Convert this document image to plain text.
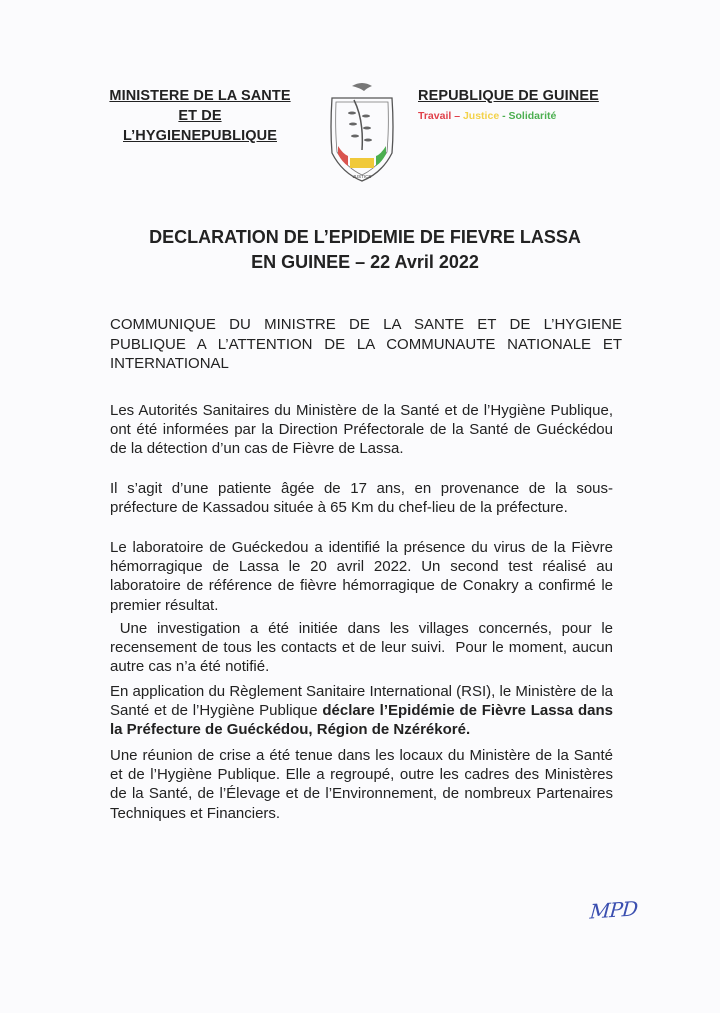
MINISTERE DE LA SANTE
ET DE L’HYGIENEPUBLIQUE
JUSTICE
REPUBLIQUE DE GUINEE
Travail – Justice - Solidarité
DECLARATION DE L’EPIDEMIE DE FIEVRE LASSA
EN GUINEE – 22 Avril 2022
COMMUNIQUE DU MINISTRE DE LA SANTE ET DE L’HYGIENE PUBLIQUE A L’ATTENTION DE LA COMMUNAUTE NATIONALE ET INTERNATIONAL

Les Autorités Sanitaires du Ministère de la Santé et de l’Hygiène Publique, ont été informées par la Direction Préfectorale de la Santé de Guéckédou de la détection d’un cas de Fièvre de Lassa.

Il s’agit d’une patiente âgée de 17 ans, en provenance de la sous-préfecture de Kassadou située à 65 Km du chef-lieu de la préfecture.

Le laboratoire de Guéckedou a identifié la présence du virus de la Fièvre hémorragique de Lassa le 20 avril 2022. Un second test réalisé au laboratoire de référence de fièvre hémorragique de Conakry a confirmé le premier résultat.

Une investigation a été initiée dans les villages concernés, pour le recensement de tous les contacts et de leur suivi.  Pour le moment, aucun autre cas n’a été notifié.

En application du Règlement Sanitaire International (RSI), le Ministère de la Santé et de l’Hygiène Publique déclare l’Epidémie de Fièvre Lassa dans la Préfecture de Guéckédou, Région de Nzérékoré.

Une réunion de crise a été tenue dans les locaux du Ministère de la Santé et de l’Hygiène Publique. Elle a regroupé, outre les cadres des Ministères de la Santé, de l’Élevage et de l’Environnement, de nombreux Partenaires Techniques et Financiers.

MPD
